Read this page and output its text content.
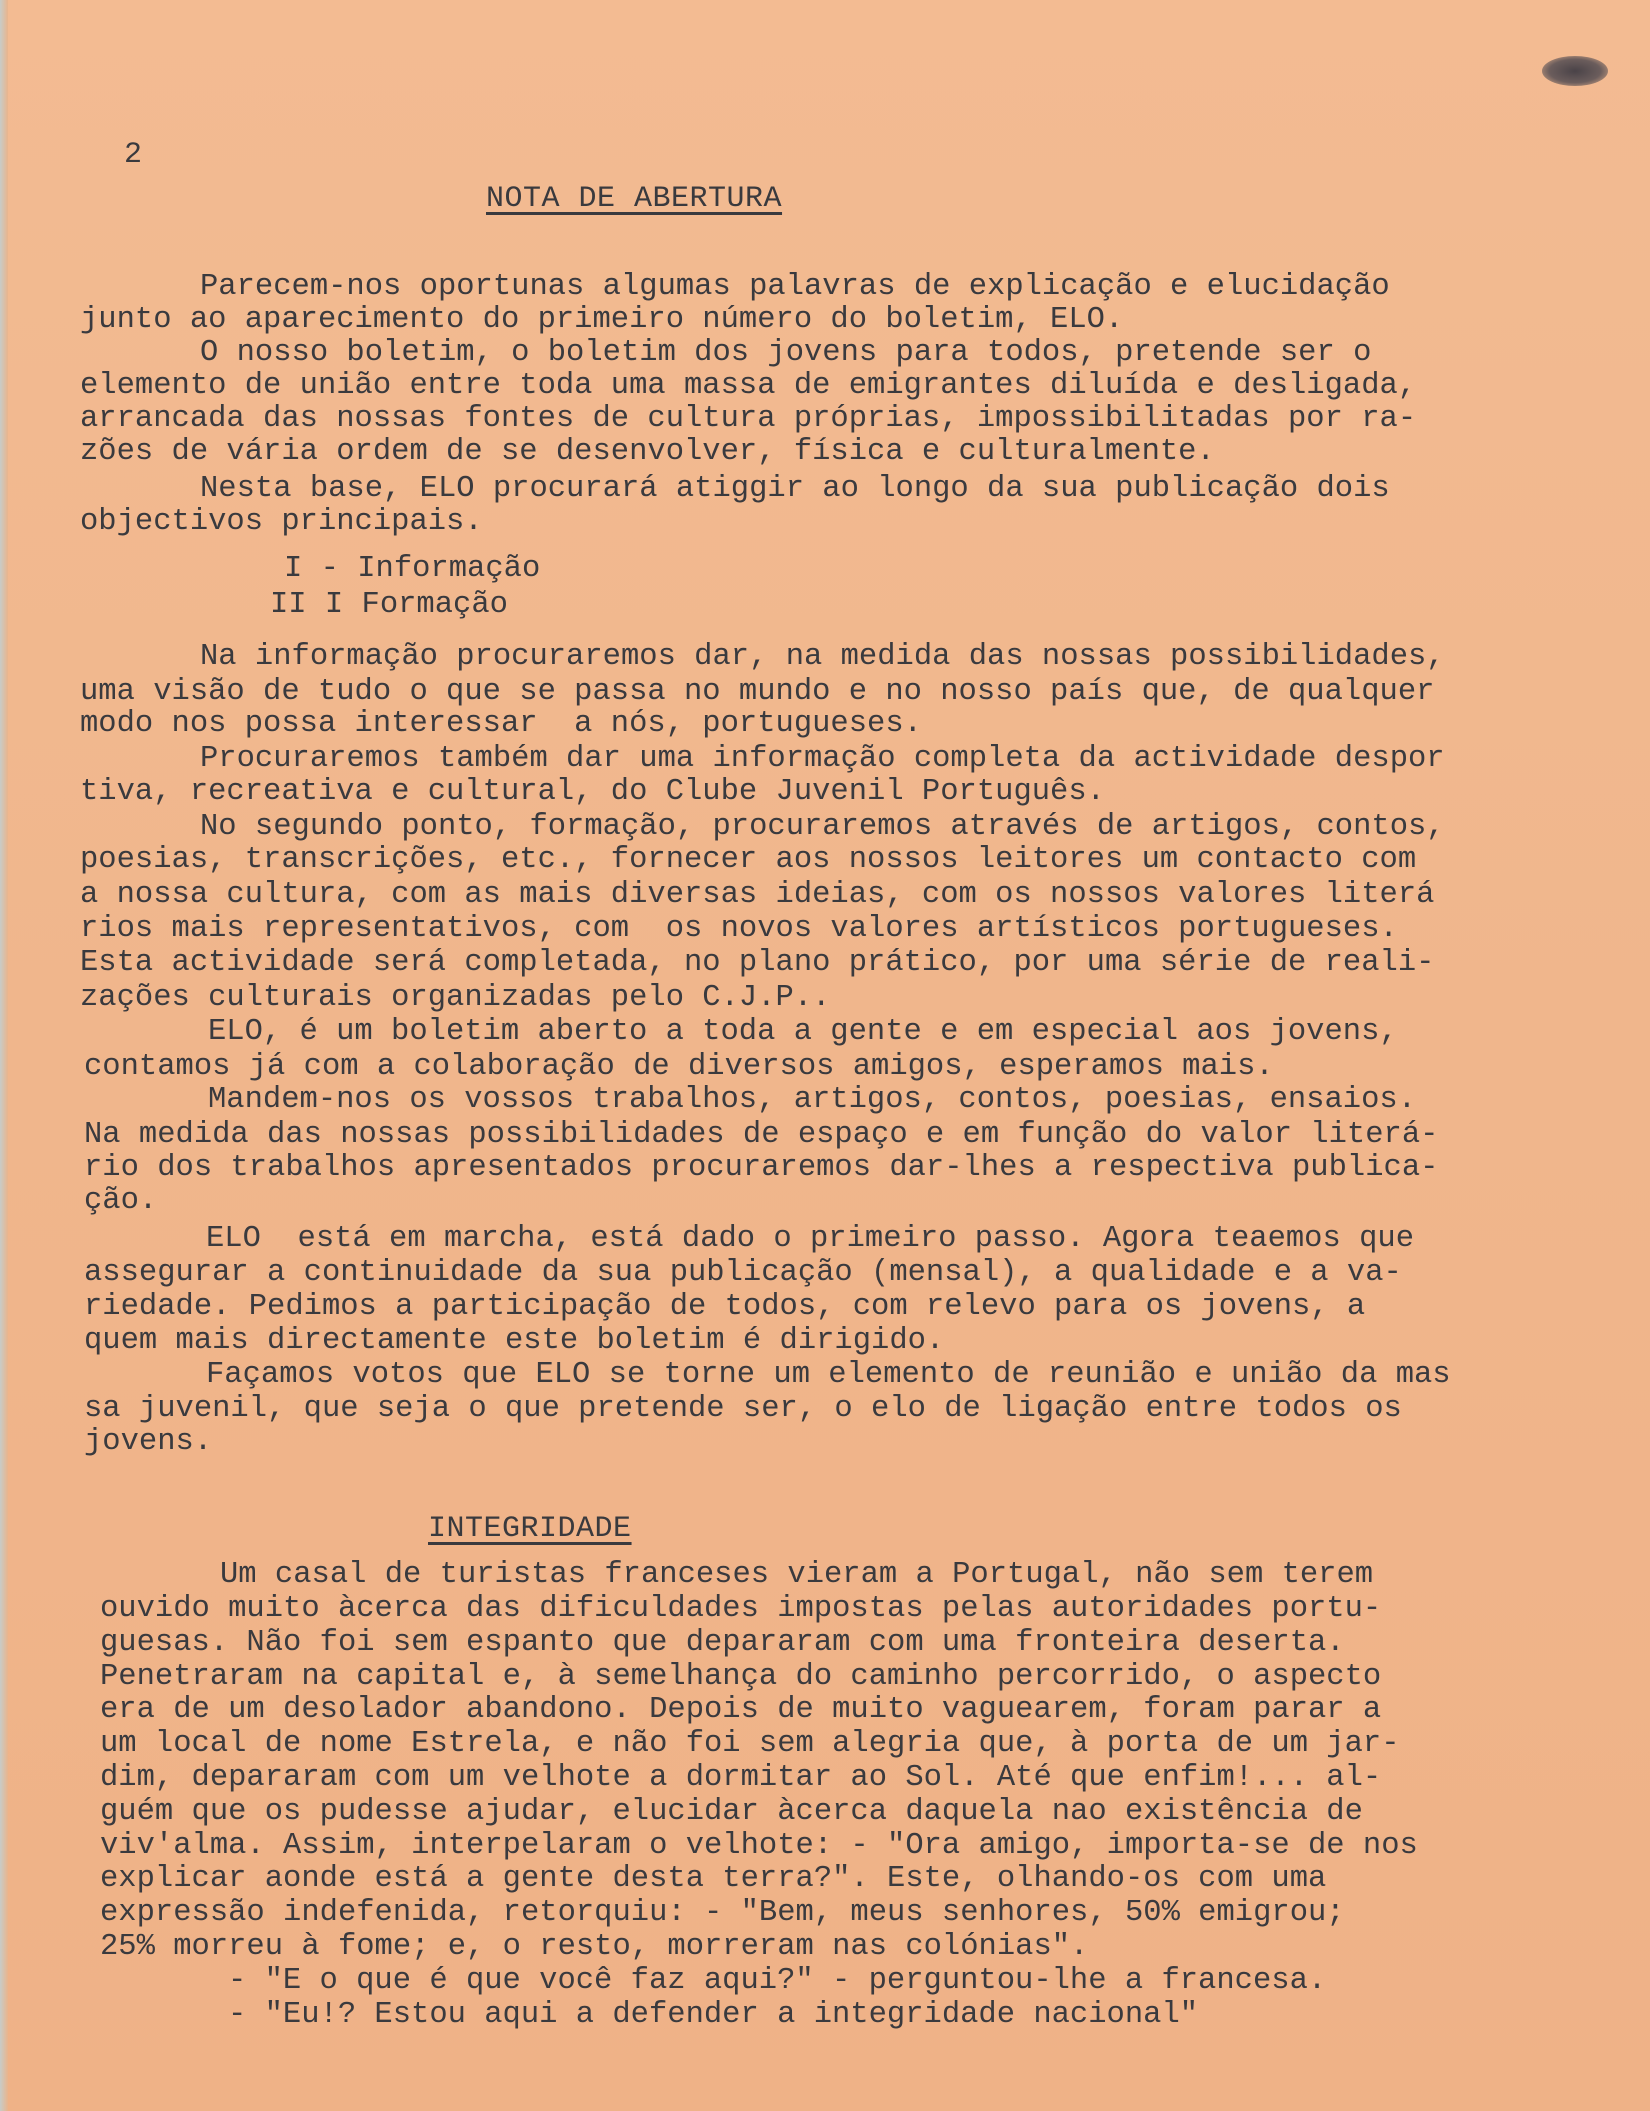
2
NOTA DE ABERTURA
Parecem-nos oportunas algumas palavras de explicação e elucidação
junto ao aparecimento do primeiro número do boletim, ELO.
O nosso boletim, o boletim dos jovens para todos, pretende ser o
elemento de união entre toda uma massa de emigrantes diluída e desligada,
arrancada das nossas fontes de cultura próprias, impossibilitadas por ra-
zões de vária ordem de se desenvolver, física e culturalmente.
Nesta base, ELO procurará atiggir ao longo da sua publicação dois
objectivos principais.
I - Informação
II I Formação
Na informação procuraremos dar, na medida das nossas possibilidades,
uma visão de tudo o que se passa no mundo e no nosso país que, de qualquer
modo nos possa interessar  a nós, portugueses.
Procuraremos também dar uma informação completa da actividade despor
tiva, recreativa e cultural, do Clube Juvenil Português.
No segundo ponto, formação, procuraremos através de artigos, contos,
poesias, transcrições, etc., fornecer aos nossos leitores um contacto com
a nossa cultura, com as mais diversas ideias, com os nossos valores literá
rios mais representativos, com  os novos valores artísticos portugueses.
Esta actividade será completada, no plano prático, por uma série de reali-
zações culturais organizadas pelo C.J.P..
ELO, é um boletim aberto a toda a gente e em especial aos jovens,
contamos já com a colaboração de diversos amigos, esperamos mais.
Mandem-nos os vossos trabalhos, artigos, contos, poesias, ensaios.
Na medida das nossas possibilidades de espaço e em função do valor literá-
rio dos trabalhos apresentados procuraremos dar-lhes a respectiva publica-
ção.
ELO  está em marcha, está dado o primeiro passo. Agora teaemos que
assegurar a continuidade da sua publicação (mensal), a qualidade e a va-
riedade. Pedimos a participação de todos, com relevo para os jovens, a
quem mais directamente este boletim é dirigido.
Façamos votos que ELO se torne um elemento de reunião e união da mas
sa juvenil, que seja o que pretende ser, o elo de ligação entre todos os
jovens.
INTEGRIDADE
Um casal de turistas franceses vieram a Portugal, não sem terem
ouvido muito àcerca das dificuldades impostas pelas autoridades portu-
guesas. Não foi sem espanto que depararam com uma fronteira deserta.
Penetraram na capital e, à semelhança do caminho percorrido, o aspecto
era de um desolador abandono. Depois de muito vaguearem, foram parar a
um local de nome Estrela, e não foi sem alegria que, à porta de um jar-
dim, depararam com um velhote a dormitar ao Sol. Até que enfim!... al-
guém que os pudesse ajudar, elucidar àcerca daquela nao existência de
viv'alma. Assim, interpelaram o velhote: - "Ora amigo, importa-se de nos
explicar aonde está a gente desta terra?". Este, olhando-os com uma
expressão indefenida, retorquiu: - "Bem, meus senhores, 50% emigrou;
25% morreu à fome; e, o resto, morreram nas colónias".
- "E o que é que você faz aqui?" - perguntou-lhe a francesa.
- "Eu!? Estou aqui a defender a integridade nacional"
